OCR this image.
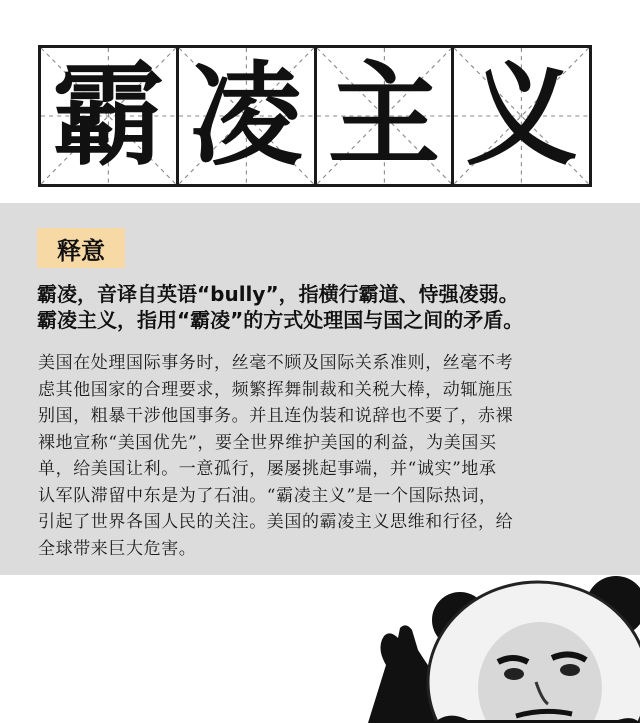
霸 凌 主 义
释意
霸凌，音译自英语“bully”，指横行霸道、恃强凌弱。
霸凌主义，指用“霸凌”的方式处理国与国之间的矛盾。
美国在处理国际事务时，丝毫不顾及国际关系准则，丝毫不考
虑其他国家的合理要求，频繁挥舞制裁和关税大棒，动辄施压
别国，粗暴干涉他国事务。并且连伪装和说辞也不要了，赤裸
裸地宣称“美国优先”，要全世界维护美国的利益，为美国买
单，给美国让利。一意孤行，屡屡挑起事端，并“诚实”地承
认军队滞留中东是为了石油。“霸凌主义”是一个国际热词，
引起了世界各国人民的关注。美国的霸凌主义思维和行径，给
全球带来巨大危害。
